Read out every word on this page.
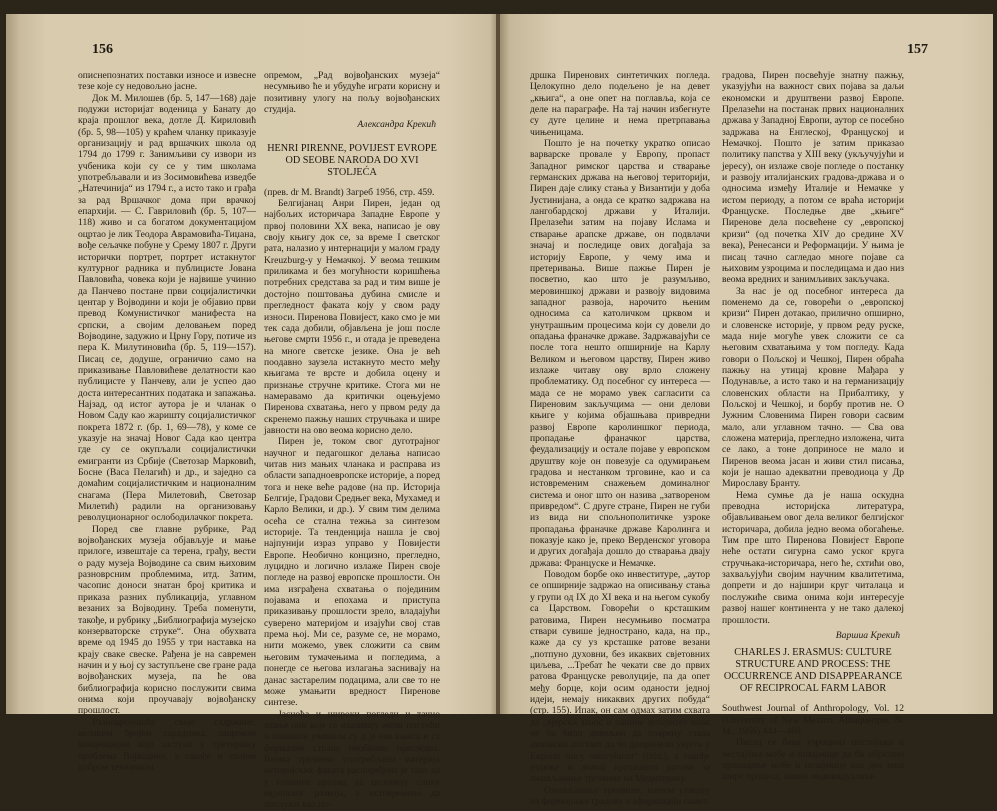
156

описнепознатих поставки износе и извесне тезе које су недовољно јасне.

Док М. Милошев (бр. 5, 147—168) даје подужи историјат воденица у Банату до краја прошлог века, дотле Д. Кириловић (бр. 5, 98—105) у краћем чланку приказује организацију и рад вршачких школа од 1794 до 1799 г. Занимљиви су извори из учбеника који су се у тим школама употребљавали и из Зосимовићева изведбе „Натечинија“ из 1794 г., а исто тако и грађа за рад Вршачког дома при врачкој епархији. — С. Гавриловић (бр. 5, 107—118) живо и са богатом документацијом оцртао је лик Теодора Аврамовића-Тиџана, вође сељачке побуне у Срему 1807 г. Други исторички портрет, портрет истакнутог културног радника и публицисте Јована Павловића, човека који је највише учинио да Панчево постане први социјалистички центар у Војводини и који је објавио први превод Комунистичког манифеста на српски, а својим деловањем поред Војводине, задужио и Црну Гору, потиче из пера К. Милутиновића (бр. 5, 119—157). Писац се, додуше, ограничио само на приказивање Павловићеве делатности као публицисте у Панчеву, али је успео дао доста интересантних података и запажања. Најзад, од истог аутора је и чланак о Новом Саду као жаришту социјалистичког покрета 1872 г. (бр. 1, 69—78), у коме се указује на значај Новог Сада као центра где су се окупљали социјалистички емигранти из Србије (Светозар Марковић, Босне (Васа Пелагић) и др., и заједно са домаћим социјалистичким и националним снагама (Пера Милетовић, Светозар Милетић) радили на организовању револуционарног ослободилачког покрета.

Поред све главне рубрике, Рад војвођанских музеја објављује и мање прилоге, извештаје са терена, грађу, вести о раду музеја Војводине са свим њиховим разноврсним проблемима, итд. Затим, часопис доноси знатан број критика и приказа разних публикација, углавном везаних за Војводину. Треба поменути, такође, и рубрику „Библиографија музејско конзерваторске струке“. Она обухвата време од 1945 до 1955 у три наставка на крају свакe свеске. Рађена је на савремен начин и у њој су заступљене све гране рада војвођанских музеја, па ће ова библиографија корисно послужити свима онима који проучавају војвођанску прошлост.

Разноврсношћу своје садржине, великим бројем сарадника, широком концепцијом која застуна у третирању проблема Војводине, а такође и својом добром техничком

опремом, „Рад војвођанских музеја“ несумњиво ће и убудуће играти корисну и позитивну улогу на пољу војвођанских студија.

Александра Крекић
HENRI PIRENNE, POVIJEST EVROPE OD SEOBE NARODA DO XVI STOLJEĆA

(прев. dr M. Brandt) Загреб 1956, стр. 459.

Белгијанац Анри Пирен, један од најбољих историчара Западне Европе у првој половини XX века, написао је ову своју књигу док се, за време I светског рата, налазио у интернацији у малом граду Kreuzburg-у у Немачкој. У веома тешким приликама и без могућности коришћења потребних средстава за рад и тим више је достојно поштовања дубина смисле и прегледност факата коју у свом раду износи. Пиренова Повијест, како смо је ми тек сада добили, објављена је још после његове смрти 1956 г., и отада је преведена на многе светске језике. Она је већ поодавно заузела истакнуто место међу књигама те врсте и добила оцену и признање стручне критике. Стога ми не намеравамо да критички оцењујемо Пиренова схватања, него у првом реду да скренемо пажњу наших стручњака и шире јавности на ово веома корисно дело.

Пирен је, током свог дуготрајног научног и педагошког делања написао читав низ мањих чланака и расправа из области западноевропске историје, а поред тога и неке веће радове (на пр. Историја Белгије, Градови Средњег века, Мухамед и Карло Велики, и др.). У свим тим делима осећа се стална тежња за синтезом историје. Та тенденција нашла је свој најпунији израз управо у Повијести Европе. Необично концизно, прегледно, луцидно и логично излаже Пирен своје погледе на развој европске прошлости. Он има изграђена схватања о појединим појавама и епохама и приступа приказивању прошлости зрело, владајући суверено материјом и изајући свој став према њој. Ми се, разуме се, не морамо, нити можемо, увек сложити са свим његовим тумачењима и погледима, а понегде се његова излагања заснивају на данас застарелим подацима, али све то не може умањити вредност Пиренове синтезе.

Јасноћа и широки погледи и тачно знање они које се изазивају жели постићи и показати учинили су д је ова књига и са формалне стране необично прегледна. Веома трезвено употребљена материја историјских факата распоређена је тако да у главним цртама да целовиту слику европског развоја, а истовремено да послужи као по-

157

дршка Пиренових синтетичких погледа. Целокупно дело подељено је на девет „књига“, а оне опет на поглавља, која се деле на параграфе. На тај начин избегнуте су дуге целине и нема претрпавања чињеницама.

Пошто је на почетку укратко описао варварске провале у Европу, пропаст Западног римског царства и стварање германских држава на његовој територији, Пирен даје слику стања у Византији у доба Јустинијана, а онда се кратко задржава на лангобардској држави у Италији. Прелазећи затим на појаву Ислама и стварање арапске државе, он подвлачи значај и последице ових догађаја за историју Европе, у чему има и претеривања. Више пажње Пирен је посветио, као што је разумљиво, меровиншкој држави и развоју видовима западног развоја, нарочито њеним односима са католичком црквом и унутрашњим процесима који су довели до опадања франачке државе. Задржавајући се после тога нешто опширније на Карлу Великом и његовом царству, Пирен живо излаже читаву ову врло сложену проблематику. Од посебног су интереса — мада се не морамо увек сагласити са Пиреновим закључцима — они делови књиге у којима објашњава привредни развој Европе каролиншког периода, пропадање франачког царства, феудализацију и остале појаве у европском друштву које он повезује са одумирањем градова и нестанком трговине, као и са истовременим снажењем доминалног система и оног што он назива „затвореном привредом“. С друге стране, Пирен не губи из вида ни спољнополитичке узроке пропадања франачке државе Каролинга и показује како је, преко Верденског уговора и других догађаја дошло до стварања двају држава: Француске и Немачке.

Поводом борбе око инвеституре, „аутор се опширније задржао на описивању стања у групи од IX до XI века и на његом сукобу са Царством. Говорећи о крсташким ратовима, Пирен несумњиво посматра ствари сувише једнострано, када, на пр., каже да су уз крсташке ратове везани „потпуно духовни, без икаквих свјетовних циљева, ...Требат ће чекати све до првих ратова Француске револуције, па да опет међу борце, који осим оданости једној идеји, немају никаквих других побуда“ (стр. 155). Ипак, он сам одмах затим схвата да „вјерски занос и папине ауторитет ипак не би били довољни да покрену такав дивовски потхват да то допринели увјети у Европи нису омогућили“ (ibid.), а такође уздиже и значај крсташких ратова за оживљавање трговине на Медитерану.

Оживљавању трговине, њеном утицају на формирање градова и афирмацији самих

градова, Пирен посвећује знатну пажњу, указујући на важност свих појава за даљи економски и друштвени развој Европе. Прелазећи на постанак првих националних држава у Западној Европи, аутор се посебно задржава на Енглеској, Француској и Немачкој. Пошто је затим приказао политику папства у XIII веку (укључујући и јересу), он излаже своје погледе о постанку и развоју италијанских градова-држава и о односима између Италије и Немачке у истом периоду, а потом се враћа историји Француске. Последње две „књиге“ Пиренове дела посвећене су „европској кризи“ (од почетка XIV до средине XV века), Ренесанси и Реформацији. У њима је писац тачно сагледао многе појаве са њиховим узроцима и последицама и дао низ веома вредних и занимљивих закључака.

За нас је од посебног интереса да поменемо да се, говорећи о „европској кризи“ Пирен дотакао, прилично опширно, и словенске историје, у првом реду руске, мада није могуће увек сложити се са његовим схватањима у том погледу. Када говори о Пољској и Чешкој, Пирен обраћа пажњу на утицај кровне Мађара у Подунавље, а исто тако и на германизацију словенских области на Прибалтику, у Пољској и Чешкој, и борбу против не. О Јужним Словенима Пирен говори сасвим мало, али углавном тачно. — Сва ова сложена материја, прегледно изложена, чита се лако, а тоне доприносе не мало и Пиренов веома јасан и живи стил писања, који је нашао адекватни преводиоца у Др Мирославу Бранту.

Нема сумње да је наша оскудна преводна историјска литература, објављивањем овог дела великог белгијског историчара, добила једно веома обогаћење. Тим пре што Пиренова Повијест Европе неће остати сигурна само уског круга стручњака-историчара, него ће, схтићи ово, захваљујући својим научним квалитетима, допрети и до најшири круг читалаца и послужиће свима онима који интересује развој нашег континента у не тако далекој прошлости.

Варшиа Крекић
CHARLES J. ERASMUS: CULTURE STRUCTURE AND PROCESS: THE OCCURRENCE AND DISAPPEARANCE OF RECIPROCAL FARM LABOR

Southwest Journal of Anthropology, Vol. 12 (University of New Mexico, Albuquerque, N. M., 1956) 444—469.

Писац се бави узроцима постојања и нестајања мобе и позајмице да би објаснио пропадање мобе и позајмице као део виш шире процеса, наиме индивидуализа-
